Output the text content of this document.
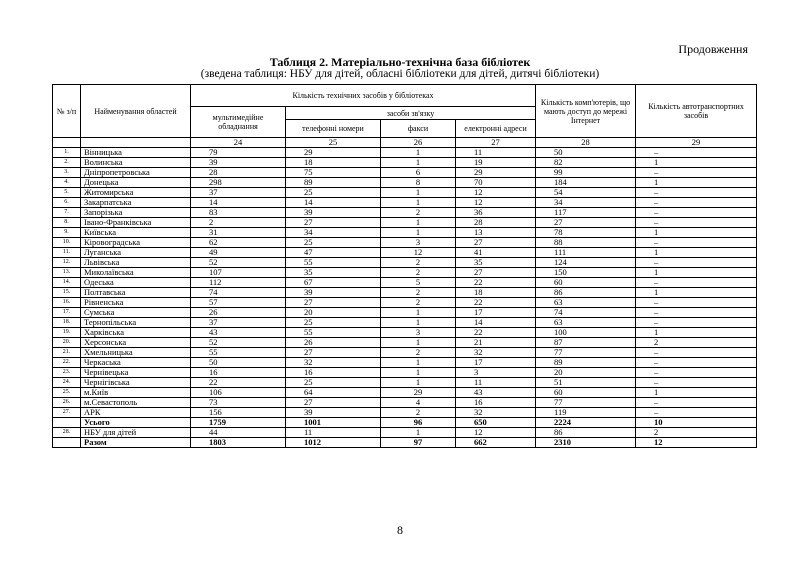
Продовження
Таблиця 2. Матеріально-технічна база бібліотек
(зведена таблиця: НБУ для дітей, обласні бібліотеки для дітей, дитячі бібліотеки)
№ з/п	Найменування областей	Кількість технічних засобів у бібліотеках				Кількість комп'ютерів, що мають доступ до мережі Інтернет	Кількість автотранспортних засобів
		мультимедійне обладнання	засоби зв'язку				
			телефонні номери	факси	електронні адреси		
		24	25	26	27	28	29
1.	Вінницька	79	29	1	11	50	–
2.	Волинська	39	18	1	19	82	1
3.	Дніпропетровська	28	75	6	29	99	–
4.	Донецька	298	89	8	70	184	1
5.	Житомирська	37	25	1	12	54	–
6.	Закарпатська	14	14	1	12	34	–
7.	Запорізька	83	39	2	36	117	–
8.	Івано-Франківська	2	27	1	28	27	–
9.	Київська	31	34	1	13	78	1
10.	Кіровоградська	62	25	3	27	88	–
11.	Луганська	49	47	12	41	111	1
12.	Львівська	52	55	2	35	124	–
13.	Миколаївська	107	35	2	27	150	1
14.	Одеська	112	67	5	22	60	–
15.	Полтавська	74	39	2	18	86	1
16.	Рівненська	57	27	2	22	63	–
17.	Сумська	26	20	1	17	74	–
18.	Тернопільська	37	25	1	14	63	–
19.	Харківська	43	55	3	22	100	1
20.	Херсонська	52	26	1	21	87	2
21.	Хмельницька	55	27	2	32	77	–
22.	Черкаська	50	32	1	17	89	–
23.	Чернівецька	16	16	1	3	20	–
24.	Чернігівська	22	25	1	11	51	–
25.	м.Київ	106	64	29	43	60	1
26.	м.Севастополь	73	27	4	16	77	–
27.	АРК	156	39	2	32	119	–
	Усього	1759	1001	96	650	2224	10
28.	НБУ для дітей	44	11	1	12	86	2
	Разом	1803	1012	97	662	2310	12
8
